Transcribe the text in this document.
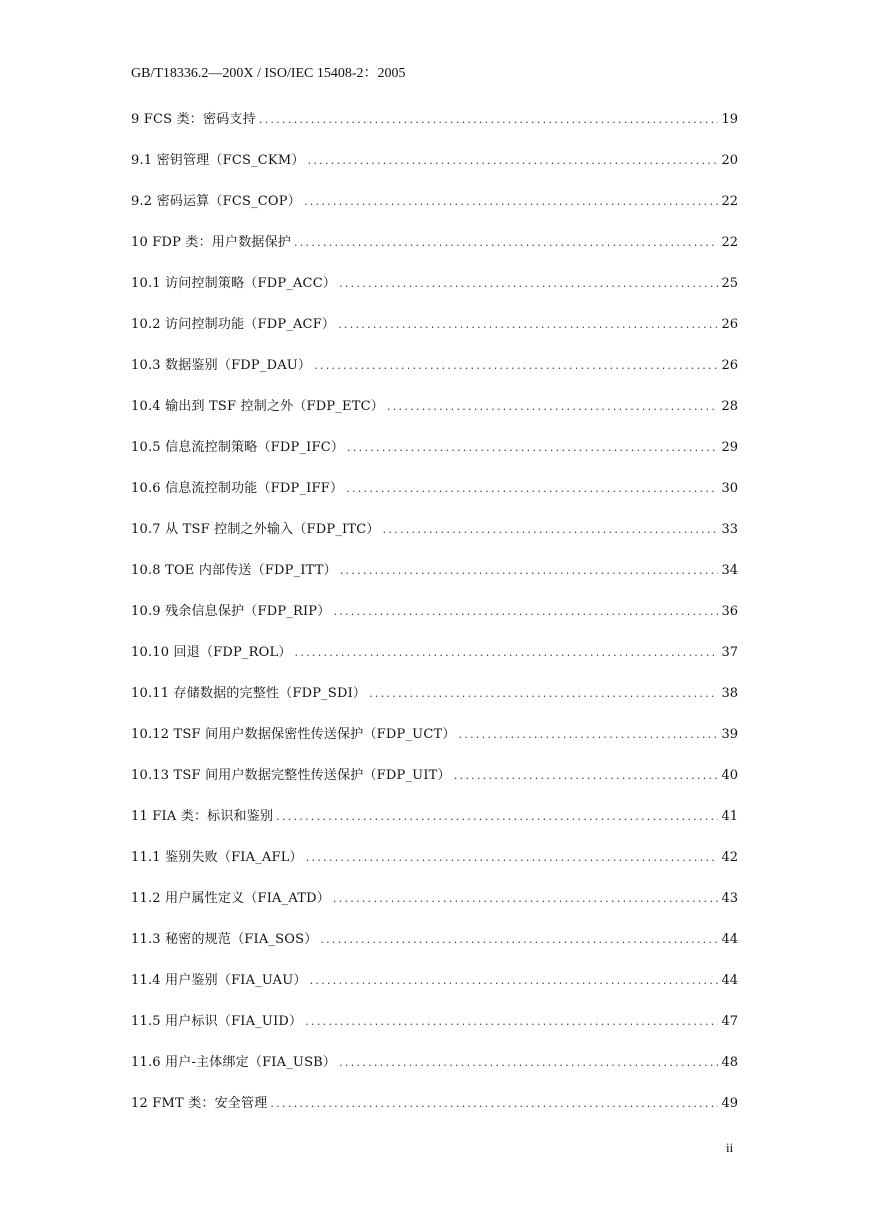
GB/T18336.2—200X / ISO/IEC 15408-2：2005
9 FCS 类：密码支持 . . .	19
9.1 密钥管理（FCS_CKM） . . .	20
9.2 密码运算（FCS_COP） . . .	22
10 FDP 类：用户数据保护 . . .	22
10.1 访问控制策略（FDP_ACC） . . .	25
10.2 访问控制功能（FDP_ACF） . . .	26
10.3 数据鉴别（FDP_DAU） . . .	26
10.4 输出到 TSF 控制之外（FDP_ETC） . . .	28
10.5 信息流控制策略（FDP_IFC） . . .	29
10.6 信息流控制功能（FDP_IFF） . . .	30
10.7 从 TSF 控制之外输入（FDP_ITC） . . .	33
10.8 TOE 内部传送（FDP_ITT） . . .	34
10.9 残余信息保护（FDP_RIP） . . .	36
10.10 回退（FDP_ROL） . . .	37
10.11 存储数据的完整性（FDP_SDI） . . .	38
10.12 TSF 间用户数据保密性传送保护（FDP_UCT） . . .	39
10.13 TSF 间用户数据完整性传送保护（FDP_UIT） . . .	40
11 FIA 类：标识和鉴别 . . .	41
11.1 鉴别失败（FIA_AFL） . . .	42
11.2 用户属性定义（FIA_ATD） . . .	43
11.3 秘密的规范（FIA_SOS） . . .	44
11.4 用户鉴别（FIA_UAU） . . .	44
11.5 用户标识（FIA_UID） . . .	47
11.6 用户-主体绑定（FIA_USB） . . .	48
12 FMT 类：安全管理 . . .	49
ii
